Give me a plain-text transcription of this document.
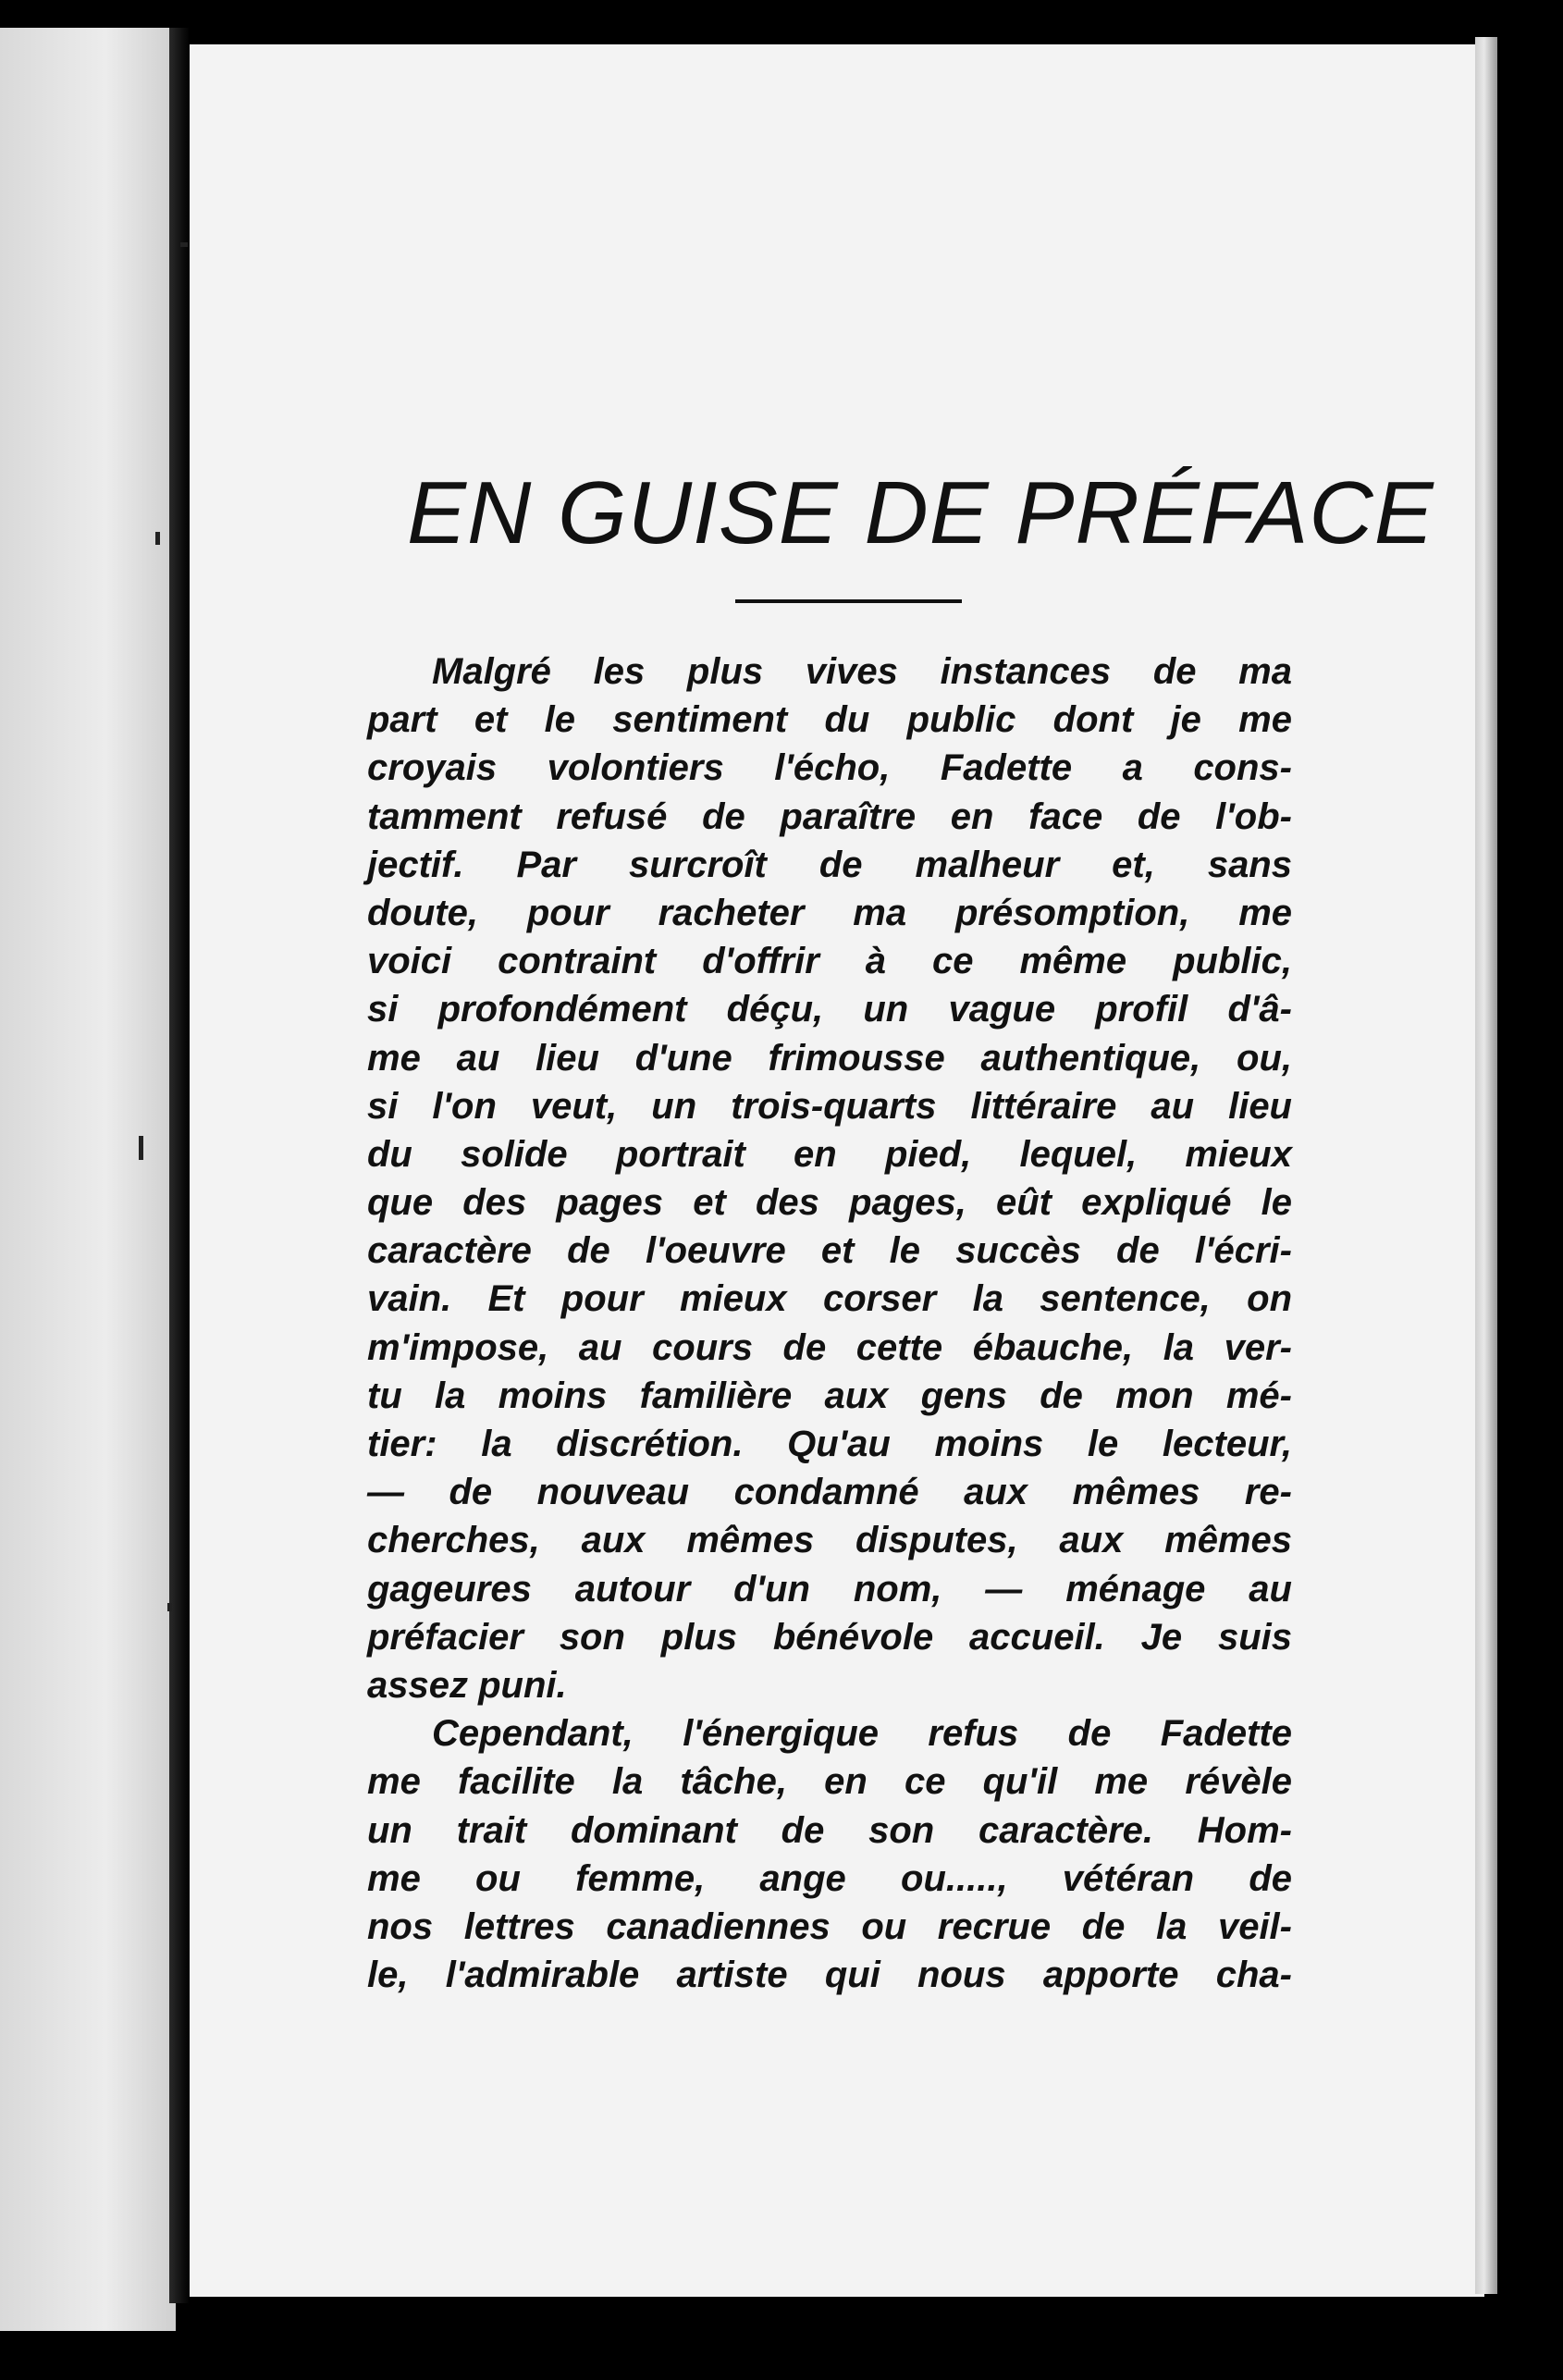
EN GUISE DE PRÉFACE
Malgré les plus vives instances de ma
part et le sentiment du public dont je me
croyais volontiers l'écho, Fadette a cons-
tamment refusé de paraître en face de l'ob-
jectif. Par surcroît de malheur et, sans
doute, pour racheter ma présomption, me
voici contraint d'offrir à ce même public,
si profondément déçu, un vague profil d'â-
me au lieu d'une frimousse authentique, ou,
si l'on veut, un trois-quarts littéraire au lieu
du solide portrait en pied, lequel, mieux
que des pages et des pages, eût expliqué le
caractère de l'oeuvre et le succès de l'écri-
vain. Et pour mieux corser la sentence, on
m'impose, au cours de cette ébauche, la ver-
tu la moins familière aux gens de mon mé-
tier: la discrétion. Qu'au moins le lecteur,
— de nouveau condamné aux mêmes re-
cherches, aux mêmes disputes, aux mêmes
gageures autour d'un nom, — ménage au
préfacier son plus bénévole accueil. Je suis
assez puni.
Cependant, l'énergique refus de Fadette
me facilite la tâche, en ce qu'il me révèle
un trait dominant de son caractère. Hom-
me ou femme, ange ou....., vétéran de
nos lettres canadiennes ou recrue de la veil-
le, l'admirable artiste qui nous apporte cha-
